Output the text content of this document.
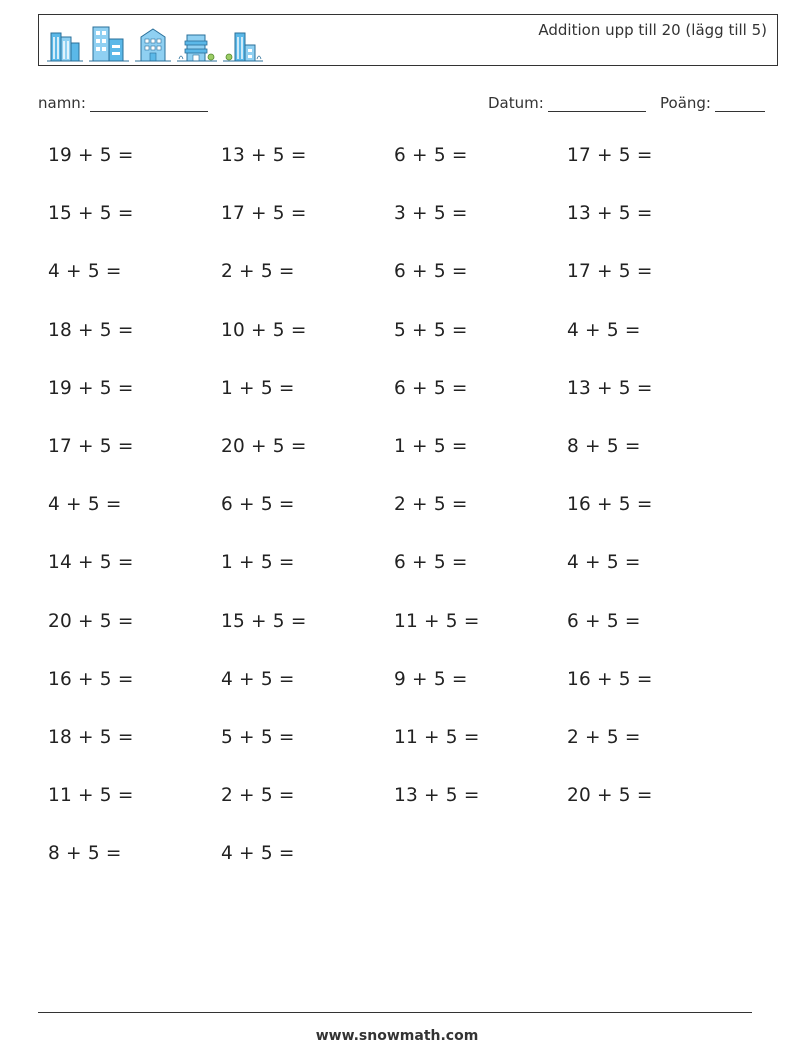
Addition upp till 20 (lägg till 5)
namn:	Datum:	Poäng:
19 + 5 =	13 + 5 =	6 + 5 =	17 + 5 =
15 + 5 =	17 + 5 =	3 + 5 =	13 + 5 =
4 + 5 =	2 + 5 =	6 + 5 =	17 + 5 =
18 + 5 =	10 + 5 =	5 + 5 =	4 + 5 =
19 + 5 =	1 + 5 =	6 + 5 =	13 + 5 =
17 + 5 =	20 + 5 =	1 + 5 =	8 + 5 =
4 + 5 =	6 + 5 =	2 + 5 =	16 + 5 =
14 + 5 =	1 + 5 =	6 + 5 =	4 + 5 =
20 + 5 =	15 + 5 =	11 + 5 =	6 + 5 =
16 + 5 =	4 + 5 =	9 + 5 =	16 + 5 =
18 + 5 =	5 + 5 =	11 + 5 =	2 + 5 =
11 + 5 =	2 + 5 =	13 + 5 =	20 + 5 =
8 + 5 =	4 + 5 =
www.snowmath.com
